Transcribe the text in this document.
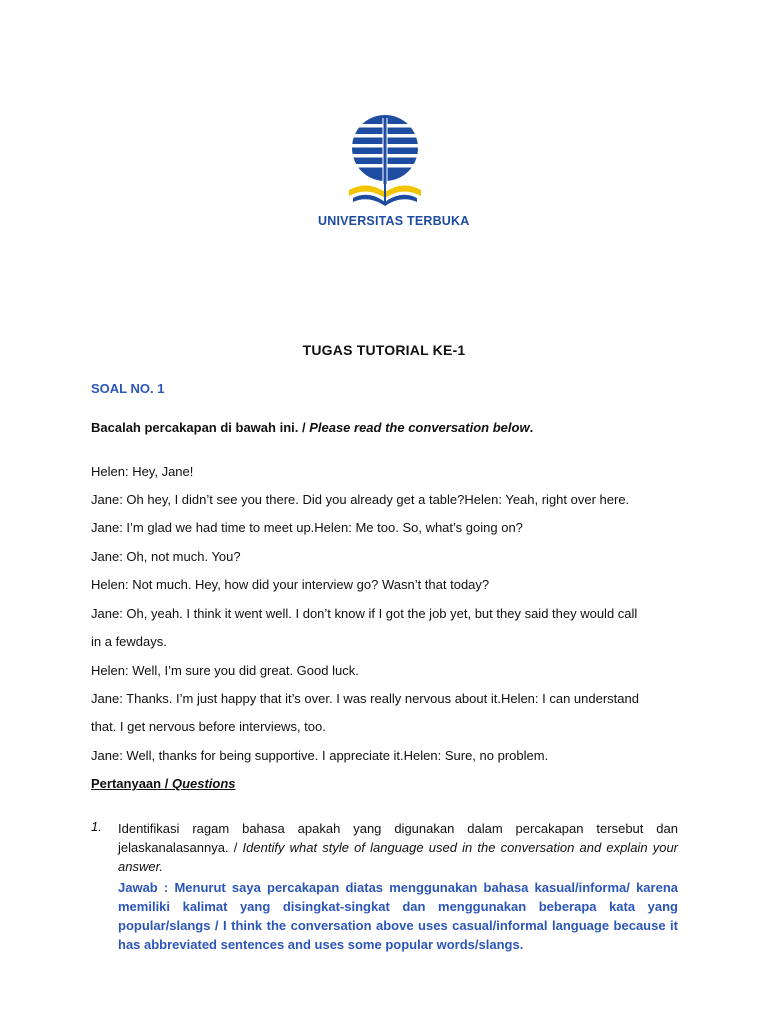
UNIVERSITAS TERBUKA
TUGAS TUTORIAL KE-1
SOAL NO. 1
Bacalah percakapan di bawah ini. / Please read the conversation below.
Helen: Hey, Jane!
Jane: Oh hey, I didn’t see you there. Did you already get a table?Helen: Yeah, right over here.
Jane: I’m glad we had time to meet up.Helen: Me too. So, what’s going on?
Jane: Oh, not much. You?
Helen: Not much. Hey, how did your interview go? Wasn’t that today?
Jane: Oh, yeah. I think it went well. I don’t know if I got the job yet, but they said they would call
in a fewdays.
Helen: Well, I’m sure you did great. Good luck.
Jane: Thanks. I’m just happy that it’s over. I was really nervous about it.Helen: I can understand
that. I get nervous before interviews, too.
Jane: Well, thanks for being supportive. I appreciate it.Helen: Sure, no problem.
Pertanyaan / Questions
1. Identifikasi ragam bahasa apakah yang digunakan dalam percakapan tersebut dan jelaskanalasannya. / Identify what style of language used in the conversation and explain your answer.
Jawab : Menurut saya percakapan diatas menggunakan bahasa kasual/informa/ karena memiliki kalimat yang disingkat-singkat dan menggunakan beberapa kata yang popular/slangs / I think the conversation above uses casual/informal language because it has abbreviated sentences and uses some popular words/slangs.
